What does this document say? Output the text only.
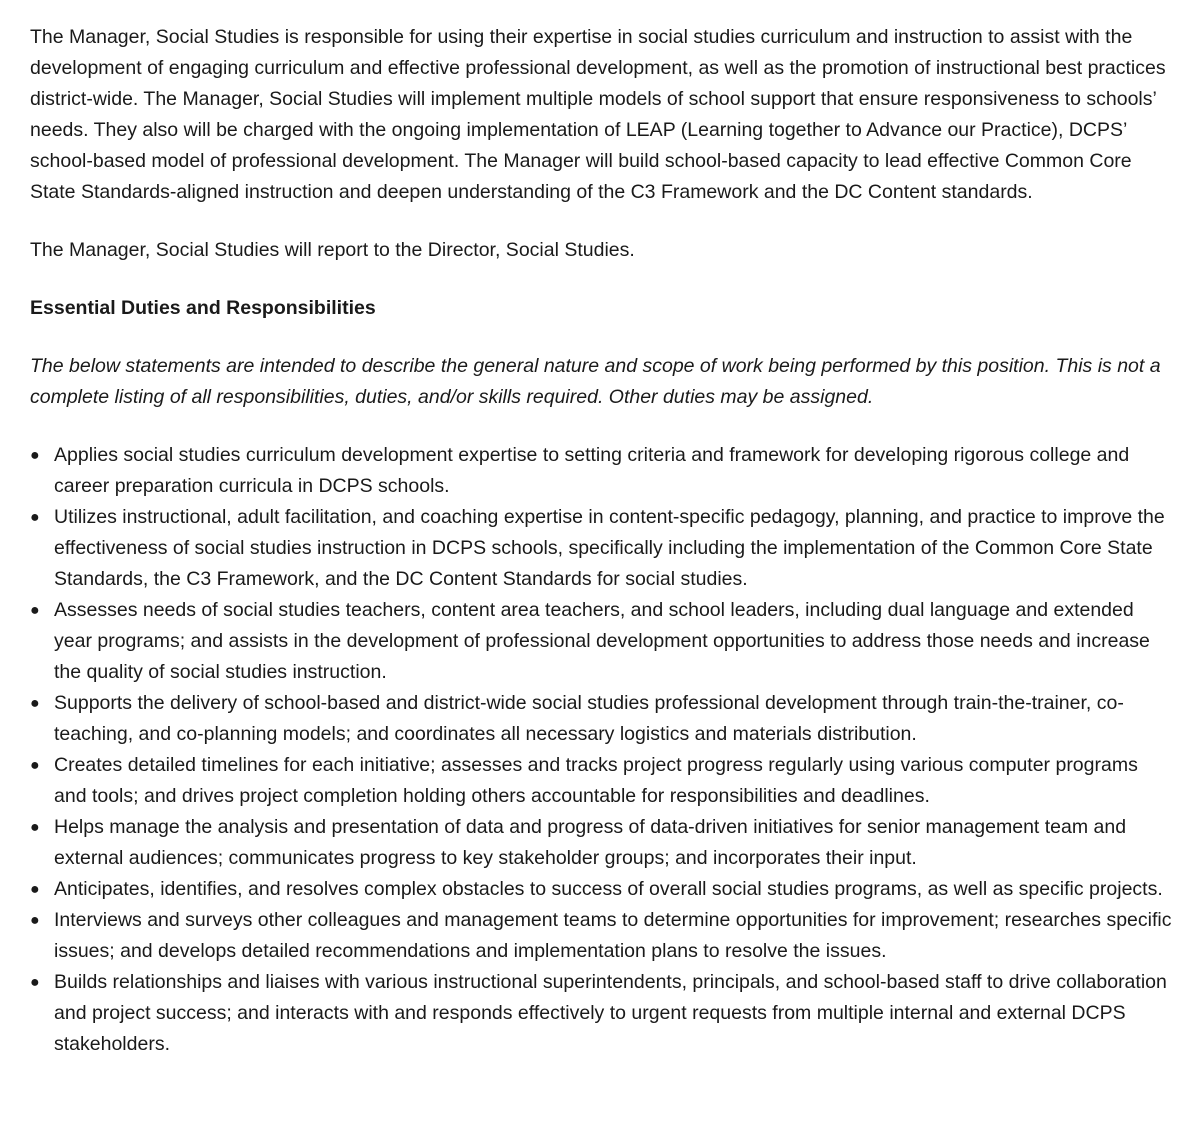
The Manager, Social Studies is responsible for using their expertise in social studies curriculum and instruction to assist with the development of engaging curriculum and effective professional development, as well as the promotion of instructional best practices district-wide. The Manager, Social Studies will implement multiple models of school support that ensure responsiveness to schools’ needs. They also will be charged with the ongoing implementation of LEAP (Learning together to Advance our Practice), DCPS’ school-based model of professional development. The Manager will build school-based capacity to lead effective Common Core State Standards-aligned instruction and deepen understanding of the C3 Framework and the DC Content standards.

The Manager, Social Studies will report to the Director, Social Studies.

Essential Duties and Responsibilities

The below statements are intended to describe the general nature and scope of work being performed by this position. This is not a complete listing of all responsibilities, duties, and/or skills required. Other duties may be assigned.

● Applies social studies curriculum development expertise to setting criteria and framework for developing rigorous college and career preparation curricula in DCPS schools.
● Utilizes instructional, adult facilitation, and coaching expertise in content-specific pedagogy, planning, and practice to improve the effectiveness of social studies instruction in DCPS schools, specifically including the implementation of the Common Core State Standards, the C3 Framework, and the DC Content Standards for social studies.
● Assesses needs of social studies teachers, content area teachers, and school leaders, including dual language and extended year programs; and assists in the development of professional development opportunities to address those needs and increase the quality of social studies instruction.
● Supports the delivery of school-based and district-wide social studies professional development through train-the-trainer, co-teaching, and co-planning models; and coordinates all necessary logistics and materials distribution.
● Creates detailed timelines for each initiative; assesses and tracks project progress regularly using various computer programs and tools; and drives project completion holding others accountable for responsibilities and deadlines.
● Helps manage the analysis and presentation of data and progress of data-driven initiatives for senior management team and external audiences; communicates progress to key stakeholder groups; and incorporates their input.
● Anticipates, identifies, and resolves complex obstacles to success of overall social studies programs, as well as specific projects.
● Interviews and surveys other colleagues and management teams to determine opportunities for improvement; researches specific issues; and develops detailed recommendations and implementation plans to resolve the issues.
● Builds relationships and liaises with various instructional superintendents, principals, and school-based staff to drive collaboration and project success; and interacts with and responds effectively to urgent requests from multiple internal and external DCPS stakeholders.
